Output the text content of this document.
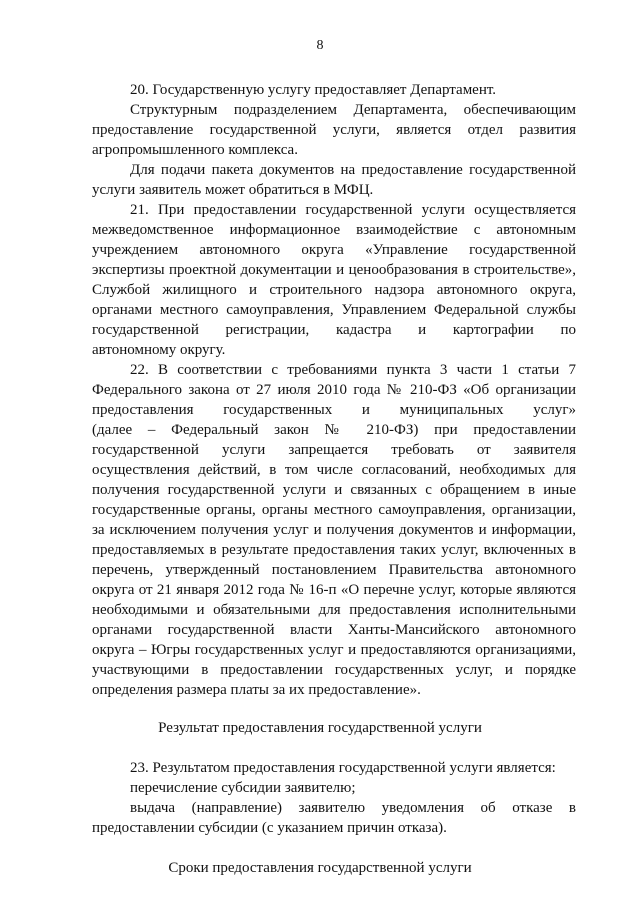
8
20. Государственную услугу предоставляет Департамент.
Структурным подразделением Департамента, обеспечивающим
предоставление государственной услуги, является отдел развития
агропромышленного комплекса.
Для подачи пакета документов на предоставление государственной
услуги заявитель может обратиться в МФЦ.
21. При предоставлении государственной услуги осуществляется
межведомственное информационное взаимодействие с автономным
учреждением автономного округа «Управление государственной
экспертизы проектной документации и ценообразования в строительстве»,
Службой жилищного и строительного надзора автономного округа,
органами местного самоуправления, Управлением Федеральной службы
государственной регистрации, кадастра и картографии по
автономному округу.
22. В соответствии с требованиями пункта 3 части 1 статьи 7
Федерального закона от 27 июля 2010 года № 210-ФЗ «Об организации
предоставления государственных и муниципальных услуг»
(далее – Федеральный закон № 210-ФЗ) при предоставлении
государственной услуги запрещается требовать от заявителя
осуществления действий, в том числе согласований, необходимых для
получения государственной услуги и связанных с обращением в иные
государственные органы, органы местного самоуправления, организации,
за исключением получения услуг и получения документов и информации,
предоставляемых в результате предоставления таких услуг, включенных в
перечень, утвержденный постановлением Правительства автономного
округа от 21 января 2012 года № 16-п «О перечне услуг, которые являются
необходимыми и обязательными для предоставления исполнительными
органами государственной власти Ханты-Мансийского автономного
округа – Югры государственных услуг и предоставляются организациями,
участвующими в предоставлении государственных услуг, и порядке
определения размера платы за их предоставление».
Результат предоставления государственной услуги
23. Результатом предоставления государственной услуги является:
перечисление субсидии заявителю;
выдача (направление) заявителю уведомления об отказе в
предоставлении субсидии (с указанием причин отказа).
Сроки предоставления государственной услуги
